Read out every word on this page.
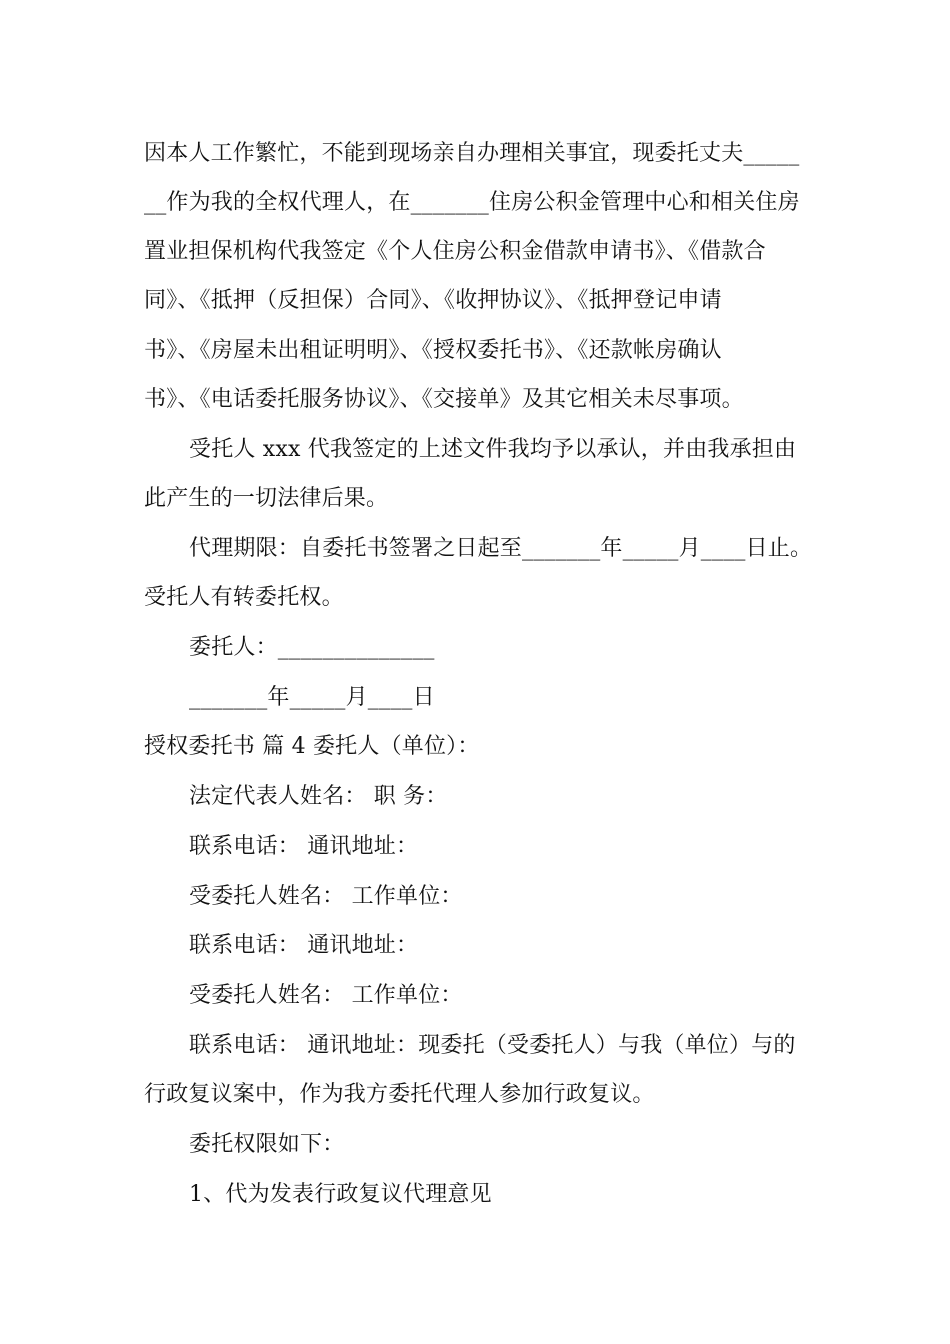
因本人工作繁忙，不能到现场亲自办理相关事宜，现委托丈夫_____
__作为我的全权代理人，在_______住房公积金管理中心和相关住房
置业担保机构代我签定《个人住房公积金借款申请书》、《借款合
同》、《抵押（反担保）合同》、《收押协议》、《抵押登记申请
书》、《房屋未出租证明明》、《授权委托书》、《还款帐房确认
书》、《电话委托服务协议》、《交接单》及其它相关未尽事项。
受托人 xxx 代我签定的上述文件我均予以承认，并由我承担由
此产生的一切法律后果。
代理期限：自委托书签署之日起至_______年_____月____日止。
受托人有转委托权。
委托人：______________
_______年_____月____日
授权委托书 篇 4 委托人（单位）：
法定代表人姓名： 职 务：
联系电话： 通讯地址：
受委托人姓名： 工作单位：
联系电话： 通讯地址：
受委托人姓名： 工作单位：
联系电话： 通讯地址：现委托（受委托人）与我（单位）与的
行政复议案中，作为我方委托代理人参加行政复议。
委托权限如下：
1、代为发表行政复议代理意见
